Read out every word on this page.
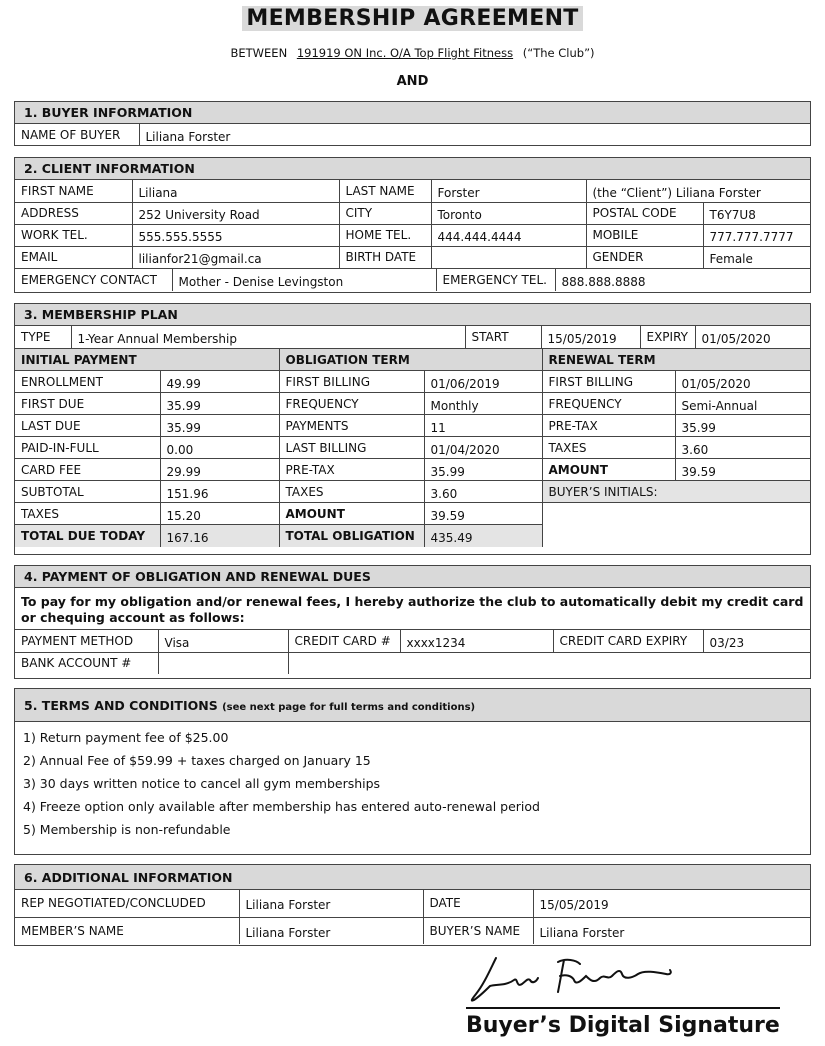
MEMBERSHIP AGREEMENT
BETWEEN 191919 ON Inc. O/A Top Flight Fitness (“The Club”)
AND
1. BUYER INFORMATION
NAME OF BUYER	Liliana Forster
2. CLIENT INFORMATION
FIRST NAME	Liliana	LAST NAME	Forster	(the “Client”) Liliana Forster	
ADDRESS	252 University Road	CITY	Toronto	POSTAL CODE	T6Y7U8
WORK TEL.	555.555.5555	HOME TEL.	444.444.4444	MOBILE	777.777.7777
EMAIL	lilianfor21@gmail.ca	BIRTH DATE		GENDER	Female
EMERGENCY CONTACT	Mother - Denise Levingston	EMERGENCY TEL.	888.888.8888
3. MEMBERSHIP PLAN
TYPE	1-Year Annual Membership	START	15/05/2019	EXPIRY	01/05/2020
INITIAL PAYMENT		OBLIGATION TERM		RENEWAL TERM	
ENROLLMENT	49.99	FIRST BILLING	01/06/2019	FIRST BILLING	01/05/2020
FIRST DUE	35.99	FREQUENCY	Monthly	FREQUENCY	Semi-Annual
LAST DUE	35.99	PAYMENTS	11	PRE-TAX	35.99
PAID-IN-FULL	0.00	LAST BILLING	01/04/2020	TAXES	3.60
CARD FEE	29.99	PRE-TAX	35.99	AMOUNT	39.59
SUBTOTAL	151.96	TAXES	3.60	BUYER’S INITIALS:	
TAXES	15.20	AMOUNT	39.59		
TOTAL DUE TODAY	167.16	TOTAL OBLIGATION	435.49		
4. PAYMENT OF OBLIGATION AND RENEWAL DUES
To pay for my obligation and/or renewal fees, I hereby authorize the club to automatically debit my credit card or chequing account as follows:
PAYMENT METHOD	Visa	CREDIT CARD #	xxxx1234	CREDIT CARD EXPIRY	03/23
BANK ACCOUNT #					
5. TERMS AND CONDITIONS (see next page for full terms and conditions)
1) Return payment fee of $25.00
2) Annual Fee of $59.99 + taxes charged on January 15
3) 30 days written notice to cancel all gym memberships
4) Freeze option only available after membership has entered auto-renewal period
5) Membership is non-refundable
6. ADDITIONAL INFORMATION
REP NEGOTIATED/CONCLUDED	Liliana Forster	DATE	15/05/2019
MEMBER’S NAME	Liliana Forster	BUYER’S NAME	Liliana Forster
Buyer’s Digital Signature
